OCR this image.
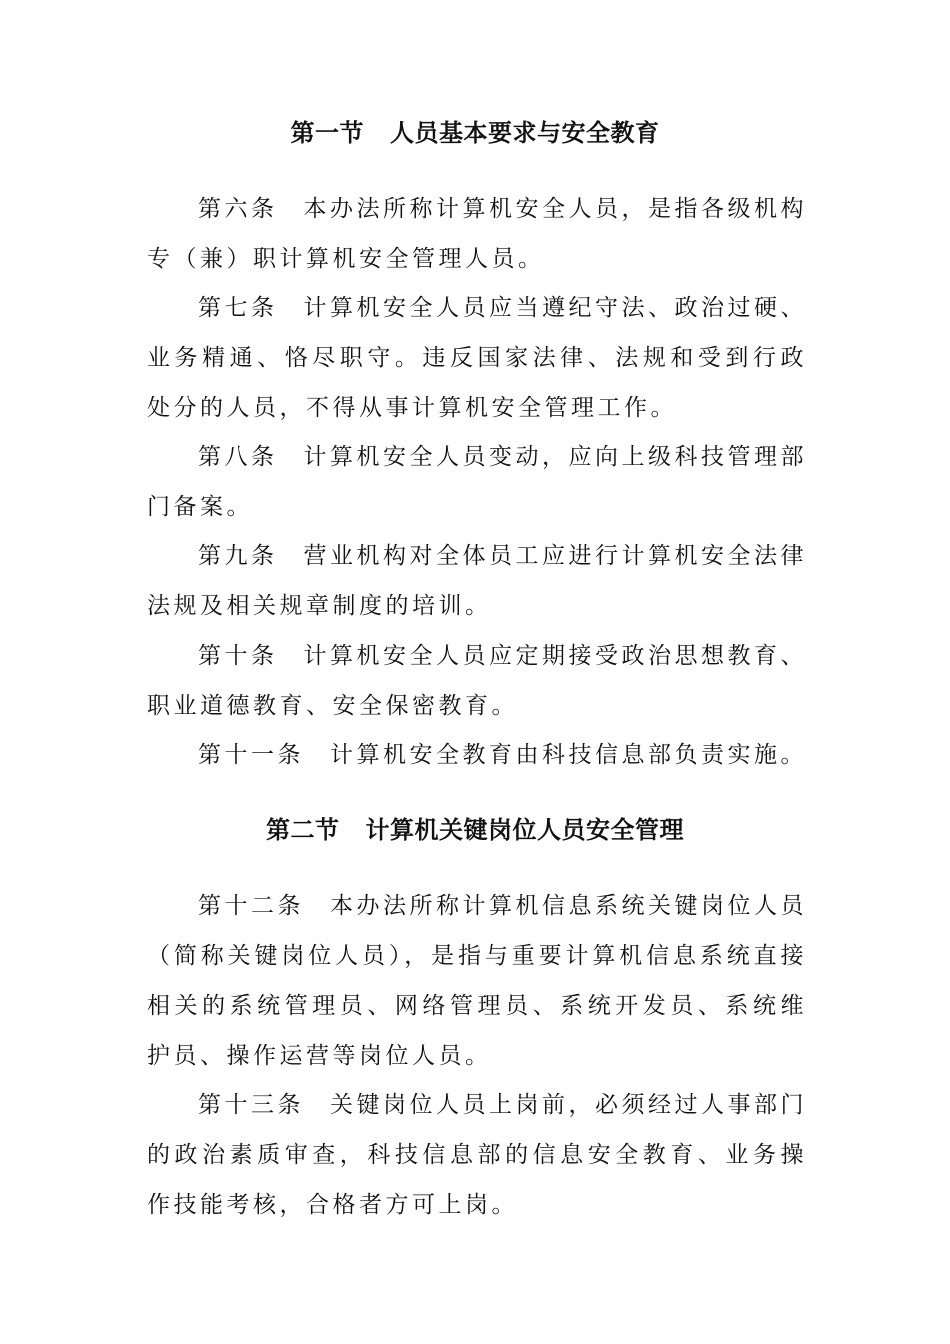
第一节 人员基本要求与安全教育

第六条 本办法所称计算机安全人员，是指各级机构专（兼）职计算机安全管理人员。

第七条 计算机安全人员应当遵纪守法、政治过硬、业务精通、恪尽职守。违反国家法律、法规和受到行政处分的人员，不得从事计算机安全管理工作。

第八条 计算机安全人员变动，应向上级科技管理部门备案。

第九条 营业机构对全体员工应进行计算机安全法律法规及相关规章制度的培训。

第十条 计算机安全人员应定期接受政治思想教育、职业道德教育、安全保密教育。

第十一条 计算机安全教育由科技信息部负责实施。

第二节 计算机关键岗位人员安全管理

第十二条 本办法所称计算机信息系统关键岗位人员（简称关键岗位人员），是指与重要计算机信息系统直接相关的系统管理员、网络管理员、系统开发员、系统维护员、操作运营等岗位人员。

第十三条 关键岗位人员上岗前，必须经过人事部门的政治素质审查，科技信息部的信息安全教育、业务操作技能考核，合格者方可上岗。
